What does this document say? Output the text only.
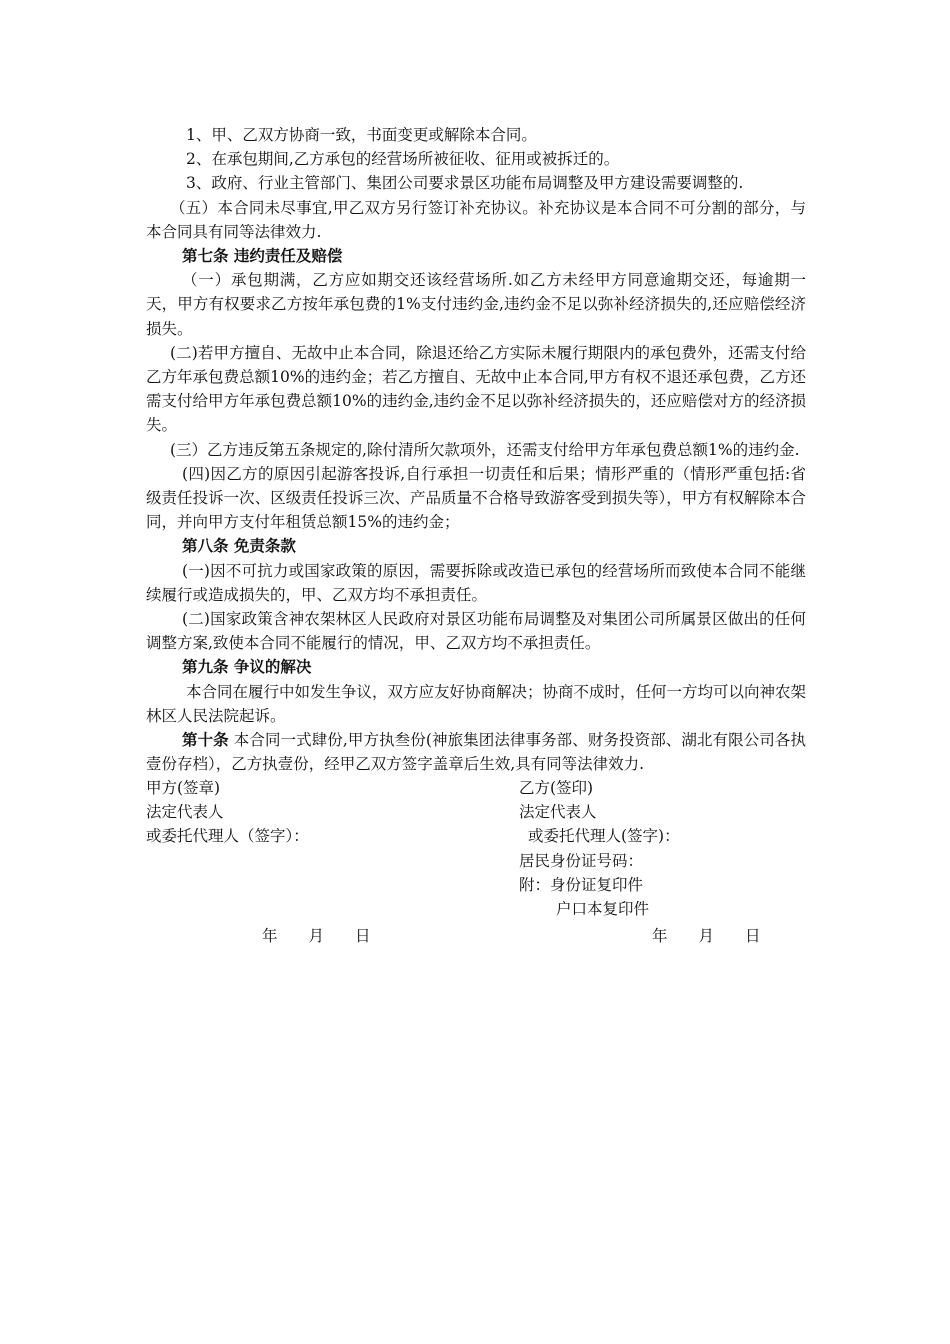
1、甲、乙双方协商一致，书面变更或解除本合同。

2、在承包期间,乙方承包的经营场所被征收、征用或被拆迁的。

3、政府、行业主管部门、集团公司要求景区功能布局调整及甲方建设需要调整的.

（五）本合同未尽事宜,甲乙双方另行签订补充协议。补充协议是本合同不可分割的部分，与本合同具有同等法律效力.

第七条 违约责任及赔偿

（一）承包期满，乙方应如期交还该经营场所.如乙方未经甲方同意逾期交还，每逾期一天，甲方有权要求乙方按年承包费的1%支付违约金,违约金不足以弥补经济损失的,还应赔偿经济损失。

(二)若甲方擅自、无故中止本合同，除退还给乙方实际未履行期限内的承包费外，还需支付给乙方年承包费总额10%的违约金；若乙方擅自、无故中止本合同,甲方有权不退还承包费，乙方还需支付给甲方年承包费总额10%的违约金,违约金不足以弥补经济损失的，还应赔偿对方的经济损失。

(三）乙方违反第五条规定的,除付清所欠款项外，还需支付给甲方年承包费总额1%的违约金.

(四)因乙方的原因引起游客投诉,自行承担一切责任和后果；情形严重的（情形严重包括:省级责任投诉一次、区级责任投诉三次、产品质量不合格导致游客受到损失等），甲方有权解除本合同，并向甲方支付年租赁总额15%的违约金；

第八条 免责条款

(一)因不可抗力或国家政策的原因，需要拆除或改造已承包的经营场所而致使本合同不能继续履行或造成损失的，甲、乙双方均不承担责任。

(二)国家政策含神农架林区人民政府对景区功能布局调整及对集团公司所属景区做出的任何调整方案,致使本合同不能履行的情况，甲、乙双方均不承担责任。

第九条 争议的解决

本合同在履行中如发生争议，双方应友好协商解决；协商不成时，任何一方均可以向神农架林区人民法院起诉。

第十条 本合同一式肆份,甲方执叁份(神旅集团法律事务部、财务投资部、湖北有限公司各执壹份存档），乙方执壹份，经甲乙双方签字盖章后生效,具有同等法律效力.

甲方(签章)	乙方(签印)
法定代表人	法定代表人
或委托代理人（签字）：	或委托代理人(签字)：
居民身份证号码：
附：身份证复印件
户口本复印件
年　　月　　日	年　　月　　日
